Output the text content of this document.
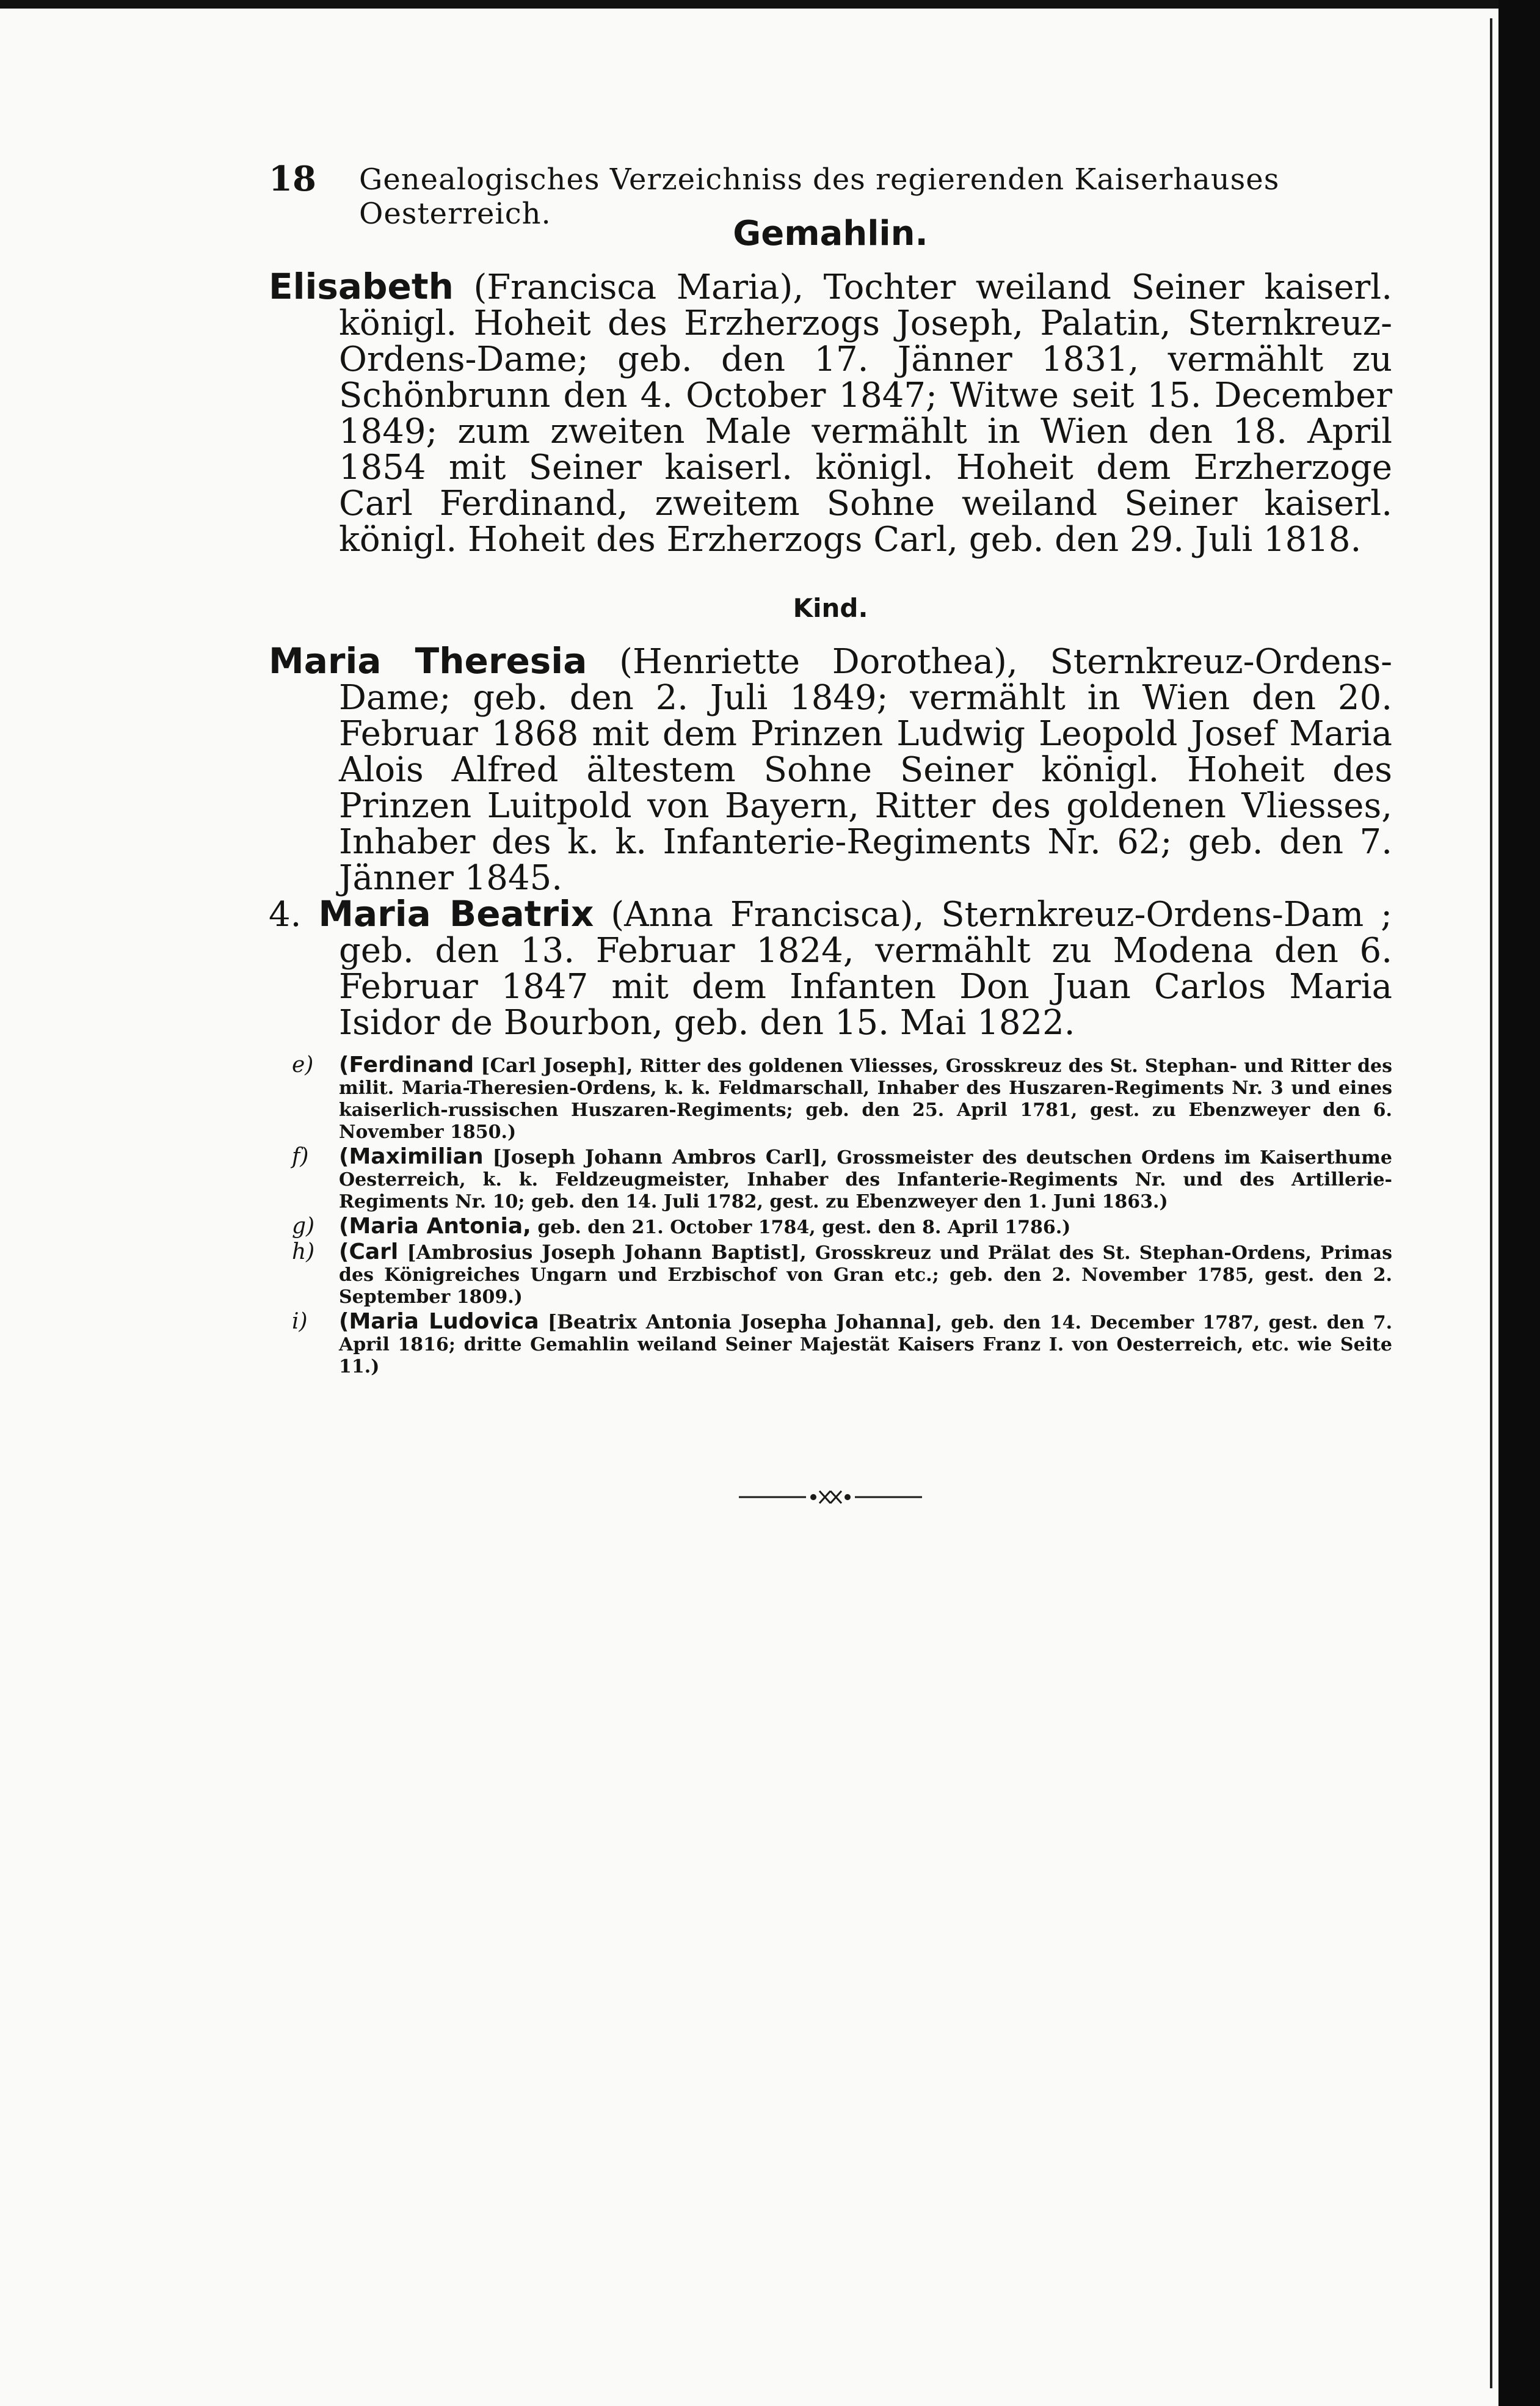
18 Genealogisches Verzeichniss des regierenden Kaiserhauses Oesterreich.	Gemahlin.

Elisabeth (Francisca Maria), Tochter weiland Seiner kaiserl. königl. Hoheit des Erzherzogs Joseph, Palatin, Sternkreuz-Ordens-Dame; geb. den 17. Jänner 1831, vermählt zu Schönbrunn den 4. October 1847; Witwe seit 15. December 1849; zum zweiten Male vermählt in Wien den 18. April 1854 mit Seiner kaiserl. königl. Hoheit dem Erzherzoge Carl Ferdinand, zweitem Sohne weiland Seiner kaiserl. königl. Hoheit des Erzherzogs Carl, geb. den 29. Juli 1818.

Kind.

Maria Theresia (Henriette Dorothea), Sternkreuz-Ordens-Dame; geb. den 2. Juli 1849; vermählt in Wien den 20. Februar 1868 mit dem Prinzen Ludwig Leopold Josef Maria Alois Alfred ältestem Sohne Seiner königl. Hoheit des Prinzen Luitpold von Bayern, Ritter des goldenen Vliesses, Inhaber des k. k. Infanterie-Regiments Nr. 62; geb. den 7. Jänner 1845.

4. Maria Beatrix (Anna Francisca), Sternkreuz-Ordens-Dam ; geb. den 13. Februar 1824, vermählt zu Modena den 6. Februar 1847 mit dem Infanten Don Juan Carlos Maria Isidor de Bourbon, geb. den 15. Mai 1822.

e) (Ferdinand [Carl Joseph], Ritter des goldenen Vliesses, Grosskreuz des St. Stephan- und Ritter des milit. Maria-Theresien-Ordens, k. k. Feldmarschall, Inhaber des Huszaren-Regiments Nr. 3 und eines kaiserlich-russischen Huszaren-Regiments; geb. den 25. April 1781, gest. zu Ebenzweyer den 6. November 1850.)

f) (Maximilian [Joseph Johann Ambros Carl], Grossmeister des deutschen Ordens im Kaiserthume Oesterreich, k. k. Feldzeugmeister, Inhaber des Infanterie-Regiments Nr. und des Artillerie-Regiments Nr. 10; geb. den 14. Juli 1782, gest. zu Ebenzweyer den 1. Juni 1863.)

g) (Maria Antonia, geb. den 21. October 1784, gest. den 8. April 1786.)

h) (Carl [Ambrosius Joseph Johann Baptist], Grosskreuz und Prälat des St. Stephan-Ordens, Primas des Königreiches Ungarn und Erzbischof von Gran etc.; geb. den 2. November 1785, gest. den 2. September 1809.)

i) (Maria Ludovica [Beatrix Antonia Josepha Johanna], geb. den 14. December 1787, gest. den 7. April 1816; dritte Gemahlin weiland Seiner Majestät Kaisers Franz I. von Oesterreich, etc. wie Seite 11.)
